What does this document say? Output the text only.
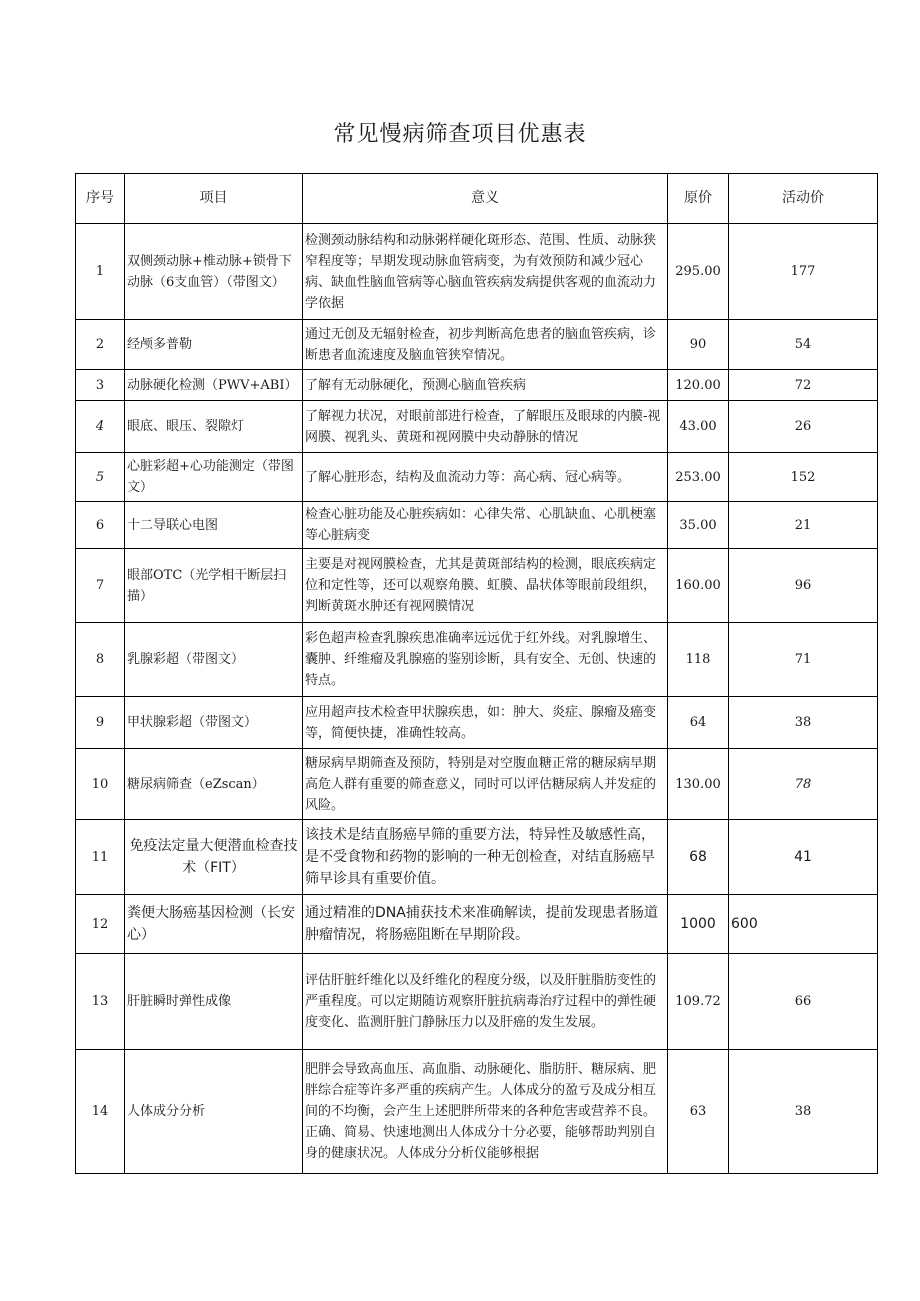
常见慢病筛查项目优惠表
序号	项目	意义	原价	活动价
1	双侧颈动脉+椎动脉+锁骨下动脉（6支血管）（带图文）	检测颈动脉结构和动脉粥样硬化斑形态、范围、性质、动脉狭窄程度等；早期发现动脉血管病变，为有效预防和减少冠心病、缺血性脑血管病等心脑血管疾病发病提供客观的血流动力学依据	295.00	177
2	经颅多普勒	通过无创及无辐射检查，初步判断高危患者的脑血管疾病，诊断患者血流速度及脑血管狭窄情况。	90	54
3	动脉硬化检测（PWV+ABI）	了解有无动脉硬化，预测心脑血管疾病	120.00	72
4	眼底、眼压、裂隙灯	了解视力状况，对眼前部进行检查，了解眼压及眼球的内膜-视网膜、视乳头、黄斑和视网膜中央动静脉的情况	43.00	26
5	心脏彩超+心功能测定（带图文）	了解心脏形态，结构及血流动力等：高心病、冠心病等。	253.00	152
6	十二导联心电图	检查心脏功能及心脏疾病如：心律失常、心肌缺血、心肌梗塞等心脏病变	35.00	21
7	眼部OTC（光学相干断层扫描）	主要是对视网膜检查，尤其是黄斑部结构的检测，眼底疾病定位和定性等，还可以观察角膜、虹膜、晶状体等眼前段组织，判断黄斑水肿还有视网膜情况	160.00	96
8	乳腺彩超（带图文）	彩色超声检查乳腺疾患准确率远远优于红外线。对乳腺增生、囊肿、纤维瘤及乳腺癌的鉴别诊断，具有安全、无创、快速的特点。	118	71
9	甲状腺彩超（带图文）	应用超声技术检查甲状腺疾患，如：肿大、炎症、腺瘤及癌变等，简便快捷，准确性较高。	64	38
10	糖尿病筛查（eZscan）	糖尿病早期筛查及预防，特别是对空腹血糖正常的糖尿病早期高危人群有重要的筛查意义，同时可以评估糖尿病人并发症的风险。	130.00	78
11	免疫法定量大便潜血检查技术（FIT）	该技术是结直肠癌早筛的重要方法，特异性及敏感性高，是不受食物和药物的影响的一种无创检查，对结直肠癌早筛早诊具有重要价值。	68	41
12	粪便大肠癌基因检测（长安心）	通过精准的DNA捕获技术来准确解读，提前发现患者肠道肿瘤情况，将肠癌阻断在早期阶段。	1000	600
13	肝脏瞬时弹性成像	评估肝脏纤维化以及纤维化的程度分级，以及肝脏脂肪变性的严重程度。可以定期随访观察肝脏抗病毒治疗过程中的弹性硬度变化、监测肝脏门静脉压力以及肝癌的发生发展。	109.72	66
14	人体成分分析	肥胖会导致高血压、高血脂、动脉硬化、脂肪肝、糖尿病、肥胖综合症等许多严重的疾病产生。人体成分的盈亏及成分相互间的不均衡，会产生上述肥胖所带来的各种危害或营养不良。正确、简易、快速地测出人体成分十分必要，能够帮助判别自身的健康状况。人体成分分析仪能够根据	63	38
